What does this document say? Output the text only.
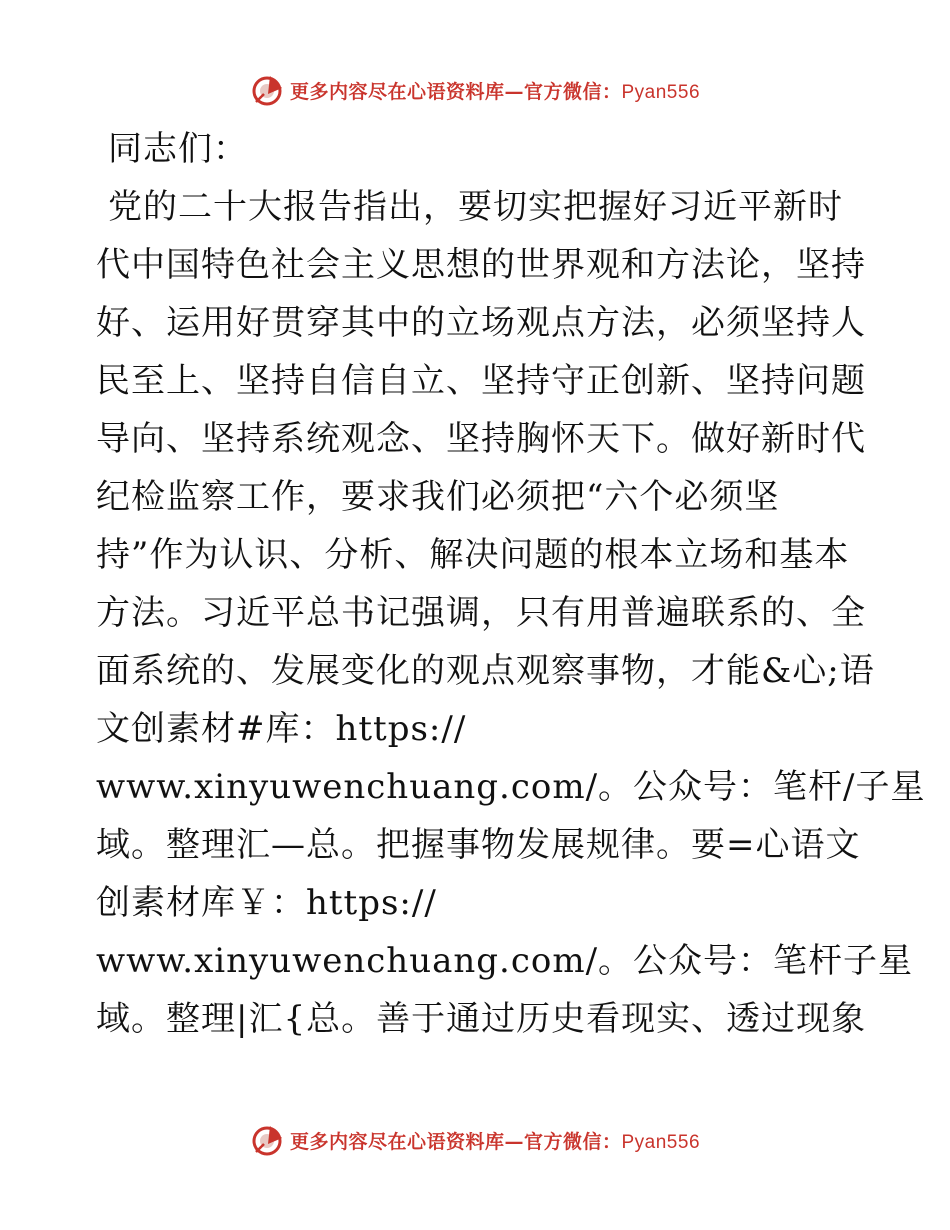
更多内容尽在心语资料库—官方微信：Pyan556
同志们：
党的二十大报告指出，要切实把握好习近平新时
代中国特色社会主义思想的世界观和方法论，坚持
好、运用好贯穿其中的立场观点方法，必须坚持人
民至上、坚持自信自立、坚持守正创新、坚持问题
导向、坚持系统观念、坚持胸怀天下。做好新时代
纪检监察工作，要求我们必须把“六个必须坚
持”作为认识、分析、解决问题的根本立场和基本
方法。习近平总书记强调，只有用普遍联系的、全
面系统的、发展变化的观点观察事物，才能&心;语
文创素材#库：https://
www.xinyuwenchuang.com/。公众号：笔杆/子星
域。整理汇—总。把握事物发展规律。要=心语文
创素材库￥：https://
www.xinyuwenchuang.com/。公众号：笔杆子星
域。整理|汇{总。善于通过历史看现实、透过现象
更多内容尽在心语资料库—官方微信：Pyan556
